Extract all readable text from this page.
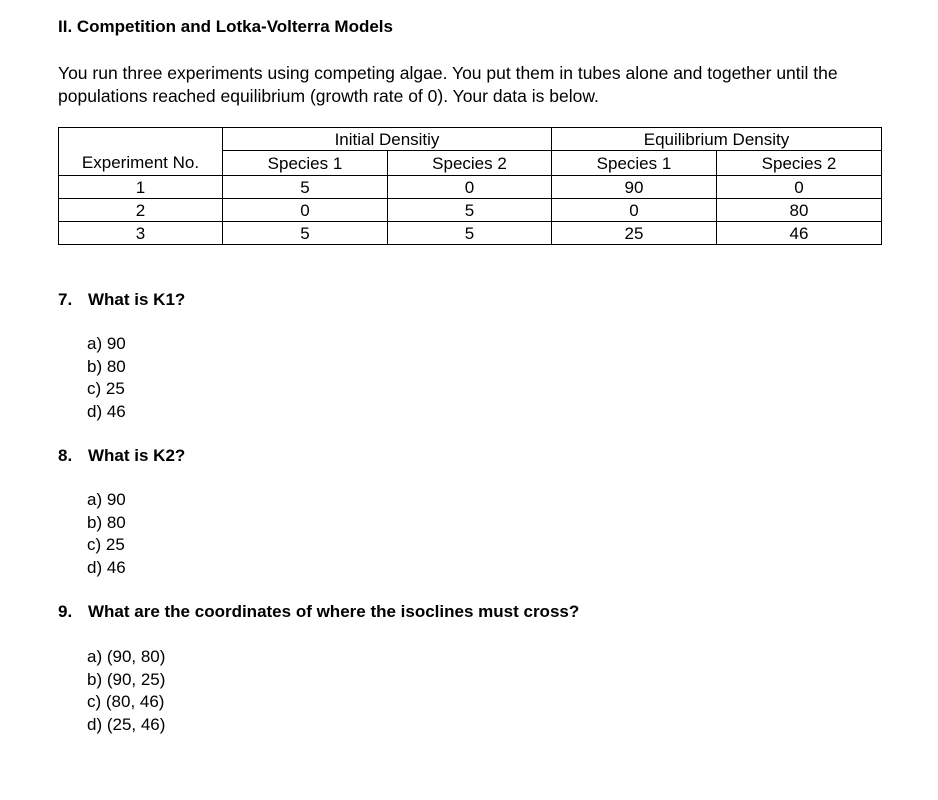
II. Competition and Lotka-Volterra Models
You run three experiments using competing algae. You put them in tubes alone and together until the populations reached equilibrium (growth rate of 0). Your data is below.
	Initial Densitiy		Equilibrium Density	
Experiment No.	Species 1	Species 2	Species 1	Species 2
1	5	0	90	0
2	0	5	0	80
3	5	5	25	46
7. What is K1?
a) 90
b) 80
c) 25
d) 46
8. What is K2?
a) 90
b) 80
c) 25
d) 46
9. What are the coordinates of where the isoclines must cross?
a) (90, 80)
b) (90, 25)
c) (80, 46)
d) (25, 46)
